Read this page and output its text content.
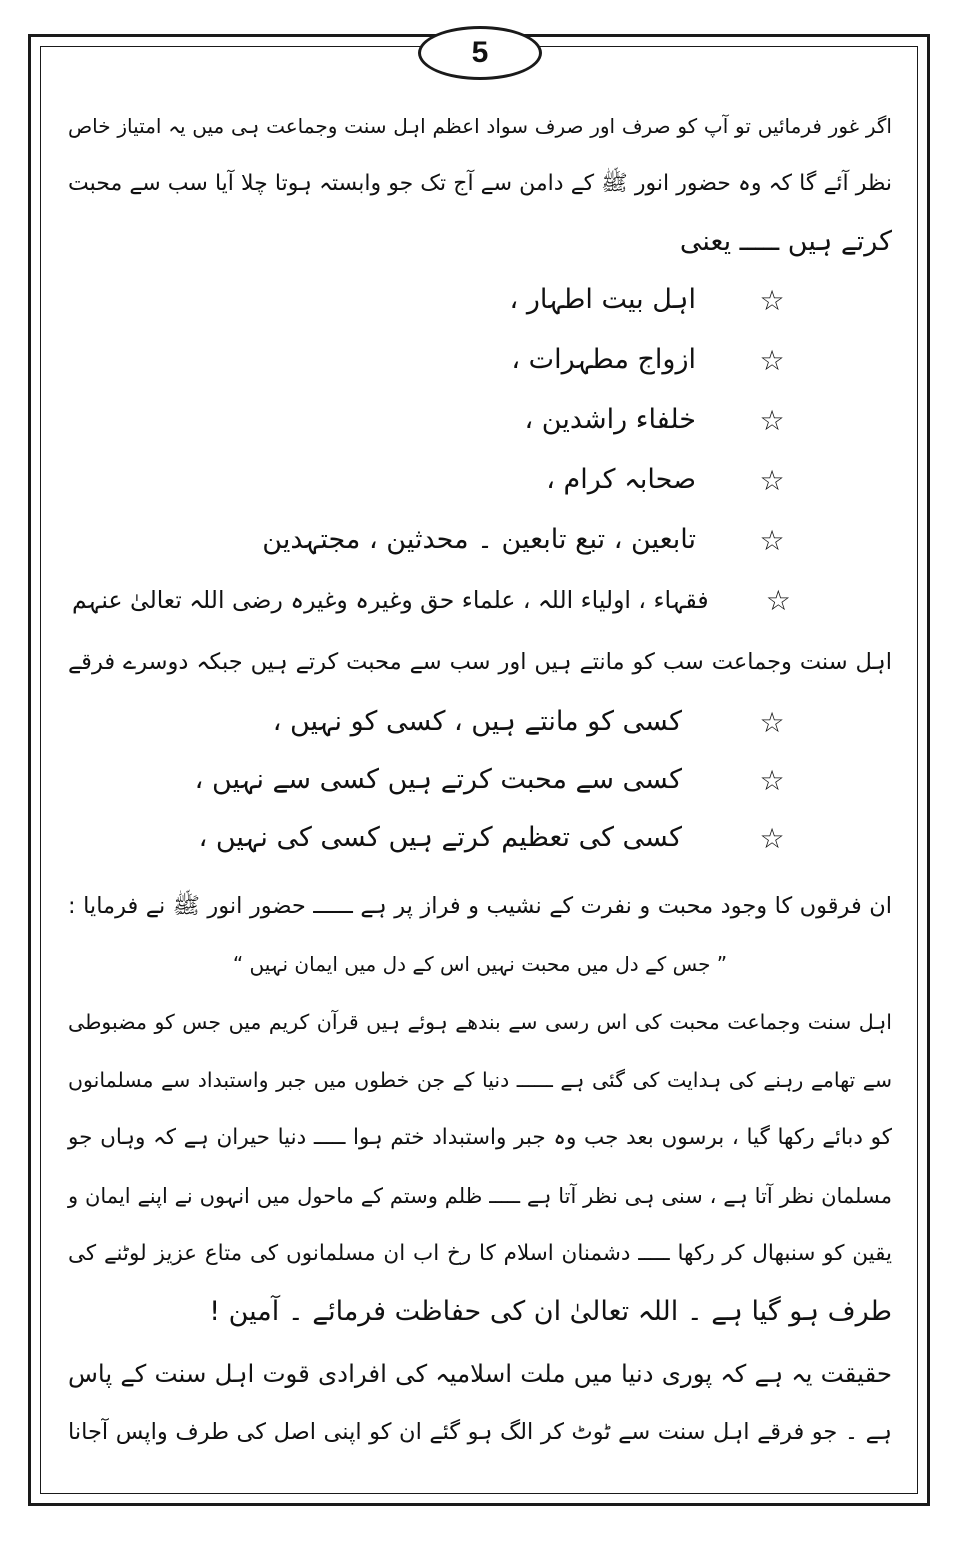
5
اگر غور فرمائیں تو آپ کو صرف اور صرف سواد اعظم اہل سنت وجماعت ہی میں یہ امتیاز خاص
نظر آئے گا کہ وہ حضور انور ﷺ کے دامن سے آج تک جو وابستہ ہوتا چلا آیا سب سے محبت
کرتے ہیں ـــــ یعنی
☆
اہل بیت اطہار ،
☆
ازواج مطہرات ،
☆
خلفاء راشدین ،
☆
صحابہ کرام ،
☆
تابعین ، تبع تابعین ۔ محدثین ، مجتہدین
☆
فقہاء ، اولیاء اللہ ، علماء حق وغیرہ وغیرہ رضی اللہ تعالیٰ عنہم
اہل سنت وجماعت سب کو مانتے ہیں اور سب سے محبت کرتے ہیں جبکہ دوسرے فرقے
☆
کسی کو مانتے ہیں ، کسی کو نہیں ،
☆
کسی سے محبت کرتے ہیں کسی سے نہیں ،
☆
کسی کی تعظیم کرتے ہیں کسی کی نہیں ،
ان فرقوں کا وجود محبت و نفرت کے نشیب و فراز پر ہے ــــــ حضور انور ﷺ نے فرمایا :
” جس کے دل میں محبت نہیں اس کے دل میں ایمان نہیں “
اہل سنت وجماعت محبت کی اس رسی سے بندھے ہوئے ہیں قرآن کریم میں جس کو مضبوطی
سے تھامے رہنے کی ہدایت کی گئی ہے ــــــ دنیا کے جن خطوں میں جبر واستبداد سے مسلمانوں
کو دبائے رکھا گیا ، برسوں بعد جب وہ جبر واستبداد ختم ہوا ـــــ دنیا حیران ہے کہ وہاں جو
مسلمان نظر آتا ہے ، سنی ہی نظر آتا ہے ـــــ ظلم وستم کے ماحول میں انہوں نے اپنے ایمان و
یقین کو سنبھال کر رکھا ـــــ دشمنان اسلام کا رخ اب ان مسلمانوں کی متاع عزیز لوٹنے کی
طرف ہو گیا ہے ۔ اللہ تعالیٰ ان کی حفاظت فرمائے ۔ آمین !
حقیقت یہ ہے کہ پوری دنیا میں ملت اسلامیہ کی افرادی قوت اہل سنت کے پاس
ہے ۔ جو فرقے اہل سنت سے ٹوٹ کر الگ ہو گئے ان کو اپنی اصل کی طرف واپس آجانا
